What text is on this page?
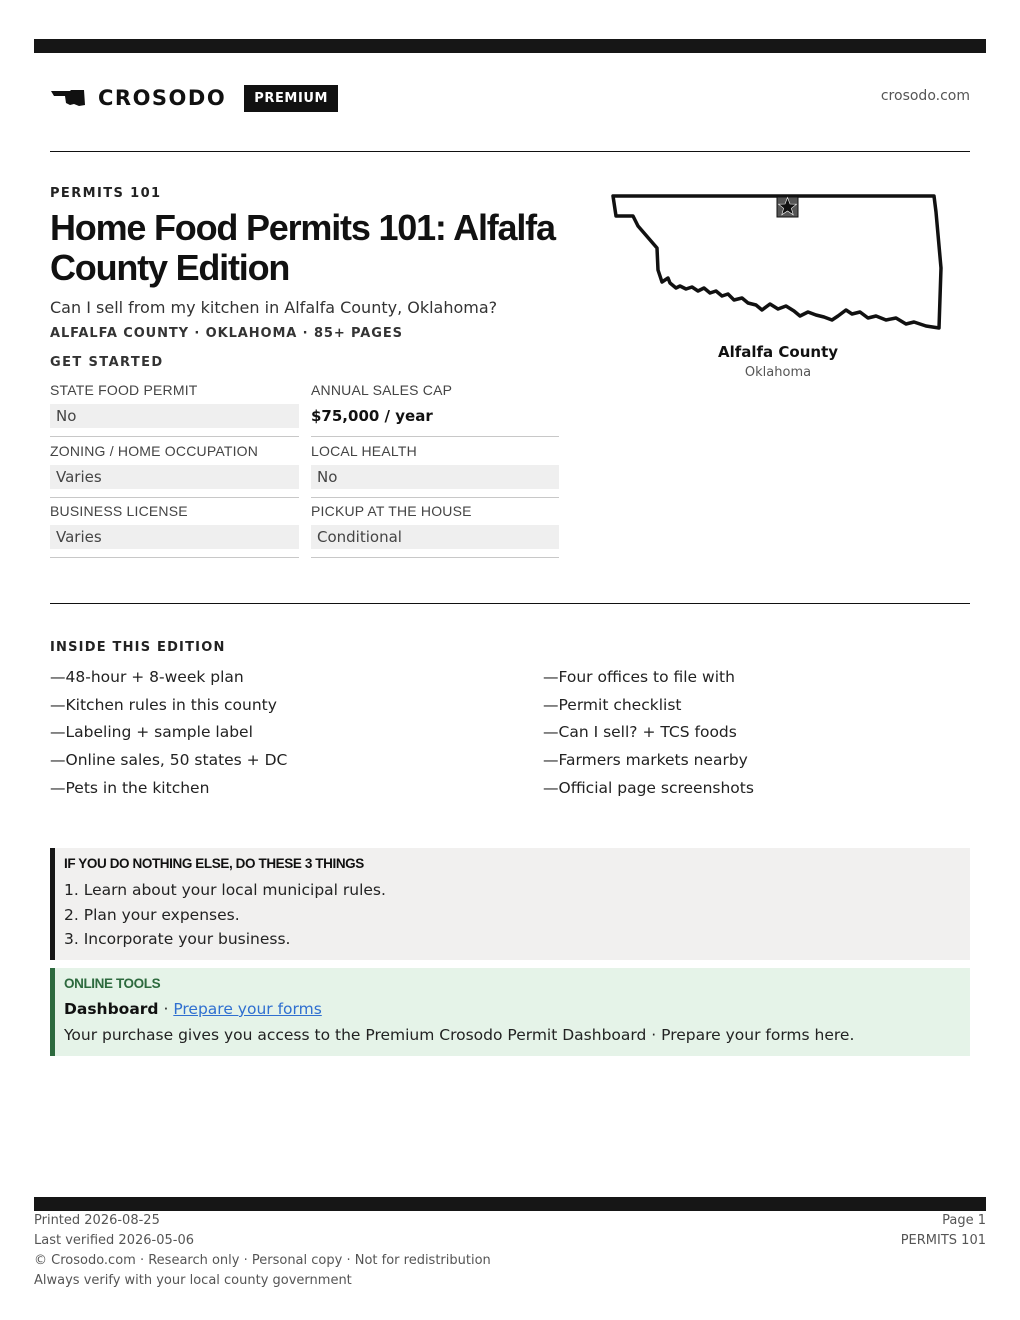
CROSODO	PREMIUM	crosodo.com
PERMITS 101
Home Food Permits 101: Alfalfa County Edition
Can I sell from my kitchen in Alfalfa County, Oklahoma?
ALFALFA COUNTY · OKLAHOMA · 85+ PAGES
GET STARTED
STATE FOOD PERMIT
No
ANNUAL SALES CAP
$75,000 / year
ZONING / HOME OCCUPATION
Varies
LOCAL HEALTH
No
BUSINESS LICENSE
Varies
PICKUP AT THE HOUSE
Conditional
Alfalfa County
Oklahoma
INSIDE THIS EDITION
—48-hour + 8-week plan
—Kitchen rules in this county
—Labeling + sample label
—Online sales, 50 states + DC
—Pets in the kitchen
—Four offices to file with
—Permit checklist
—Can I sell? + TCS foods
—Farmers markets nearby
—Official page screenshots
IF YOU DO NOTHING ELSE, DO THESE 3 THINGS
1. Learn about your local municipal rules.
2. Plan your expenses.
3. Incorporate your business.
ONLINE TOOLS
Dashboard · Prepare your forms
Your purchase gives you access to the Premium Crosodo Permit Dashboard · Prepare your forms here.
Printed 2026-08-25
Last verified 2026-05-06
© Crosodo.com · Research only · Personal copy · Not for redistribution
Always verify with your local county government
Page 1
PERMITS 101
